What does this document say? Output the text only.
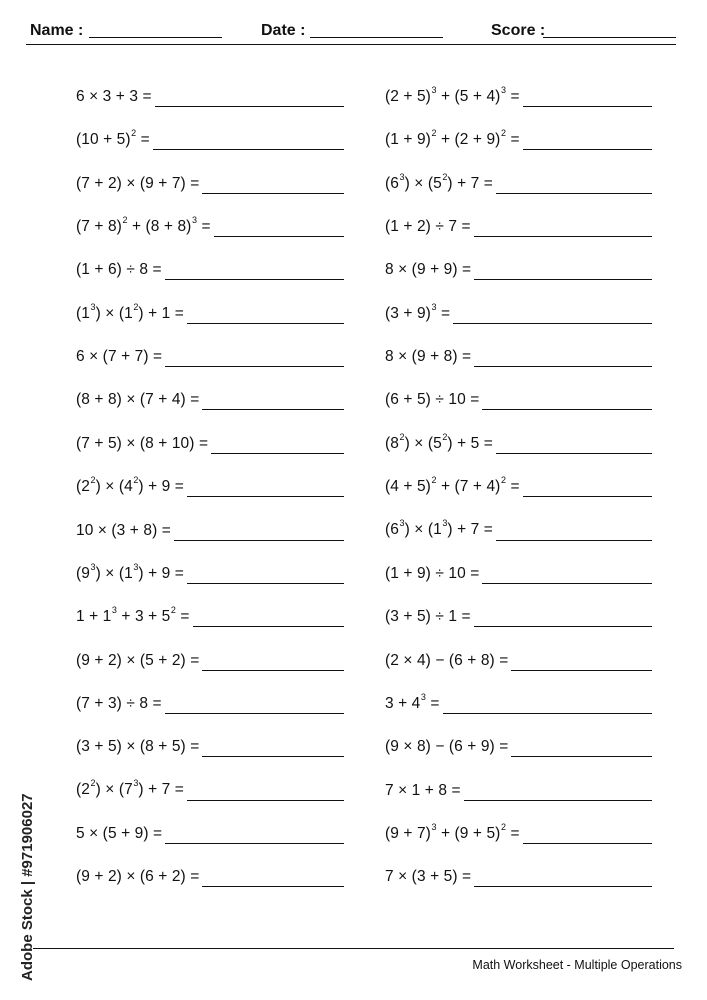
Name :	Date :	Score :
6 × 3 + 3 =
$(10 + 5)^2$ =
(7 + 2) × (9 + 7) =
$(7 + 8)^2 + (8 + 8)^3$ =
(1 + 6) ÷ 8 =
$(1^3) \times (1^2) + 1$ =
6 × (7 + 7) =
(8 + 8) × (7 + 4) =
(7 + 5) × (8 + 10) =
$(2^2) \times (4^2) + 9$ =
10 × (3 + 8) =
$(9^3) \times (1^3) + 9$ =
$1 + 1^3 + 3 + 5^2$ =
(9 + 2) × (5 + 2) =
(7 + 3) ÷ 8 =
(3 + 5) × (8 + 5) =
$(2^2) \times (7^3) + 7$ =
5 × (5 + 9) =
(9 + 2) × (6 + 2) =
$(2 + 5)^3 + (5 + 4)^3$ =
$(1 + 9)^2 + (2 + 9)^2$ =
$(6^3) \times (5^2) + 7$ =
(1 + 2) ÷ 7 =
8 × (9 + 9) =
$(3 + 9)^3$ =
8 × (9 + 8) =
(6 + 5) ÷ 10 =
$(8^2) \times (5^2) + 5$ =
$(4 + 5)^2 + (7 + 4)^2$ =
$(6^3) \times (1^3) + 7$ =
(1 + 9) ÷ 10 =
(3 + 5) ÷ 1 =
(2 × 4) − (6 + 8) =
$3 + 4^3$ =
(9 × 8) − (6 + 9) =
7 × 1 + 8 =
$(9 + 7)^3 + (9 + 5)^2$ =
7 × (3 + 5) =
Math Worksheet - Multiple Operations
Adobe Stock | #971906027
